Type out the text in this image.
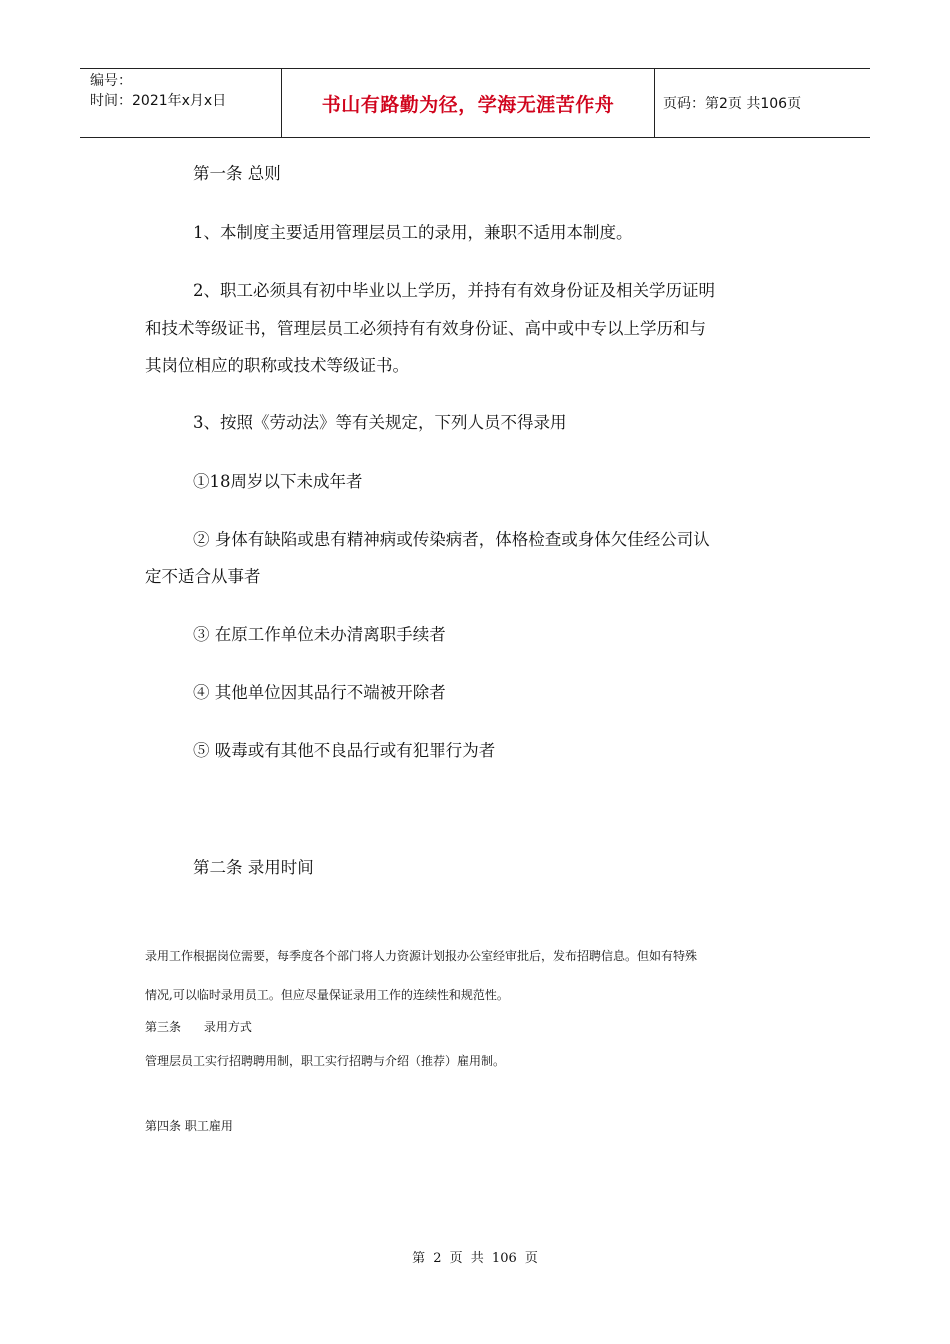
编号：
时间：2021年x月x日	书山有路勤为径，学海无涯苦作舟	页码：第2页 共106页
第一条 总则
1、本制度主要适用管理层员工的录用，兼职不适用本制度。
2、职工必须具有初中毕业以上学历，并持有有效身份证及相关学历证明
和技术等级证书，管理层员工必须持有有效身份证、高中或中专以上学历和与
其岗位相应的职称或技术等级证书。
3、按照《劳动法》等有关规定，下列人员不得录用
①18周岁以下未成年者
② 身体有缺陷或患有精神病或传染病者，体格检查或身体欠佳经公司认
定不适合从事者
③ 在原工作单位未办清离职手续者
④ 其他单位因其品行不端被开除者
⑤ 吸毒或有其他不良品行或有犯罪行为者
第二条 录用时间
录用工作根据岗位需要，每季度各个部门将人力资源计划报办公室经审批后，发布招聘信息。但如有特殊
情况,可以临时录用员工。但应尽量保证录用工作的连续性和规范性。
第三条      录用方式
管理层员工实行招聘聘用制，职工实行招聘与介绍（推荐）雇用制。
第四条 职工雇用
第 2 页 共 106 页
